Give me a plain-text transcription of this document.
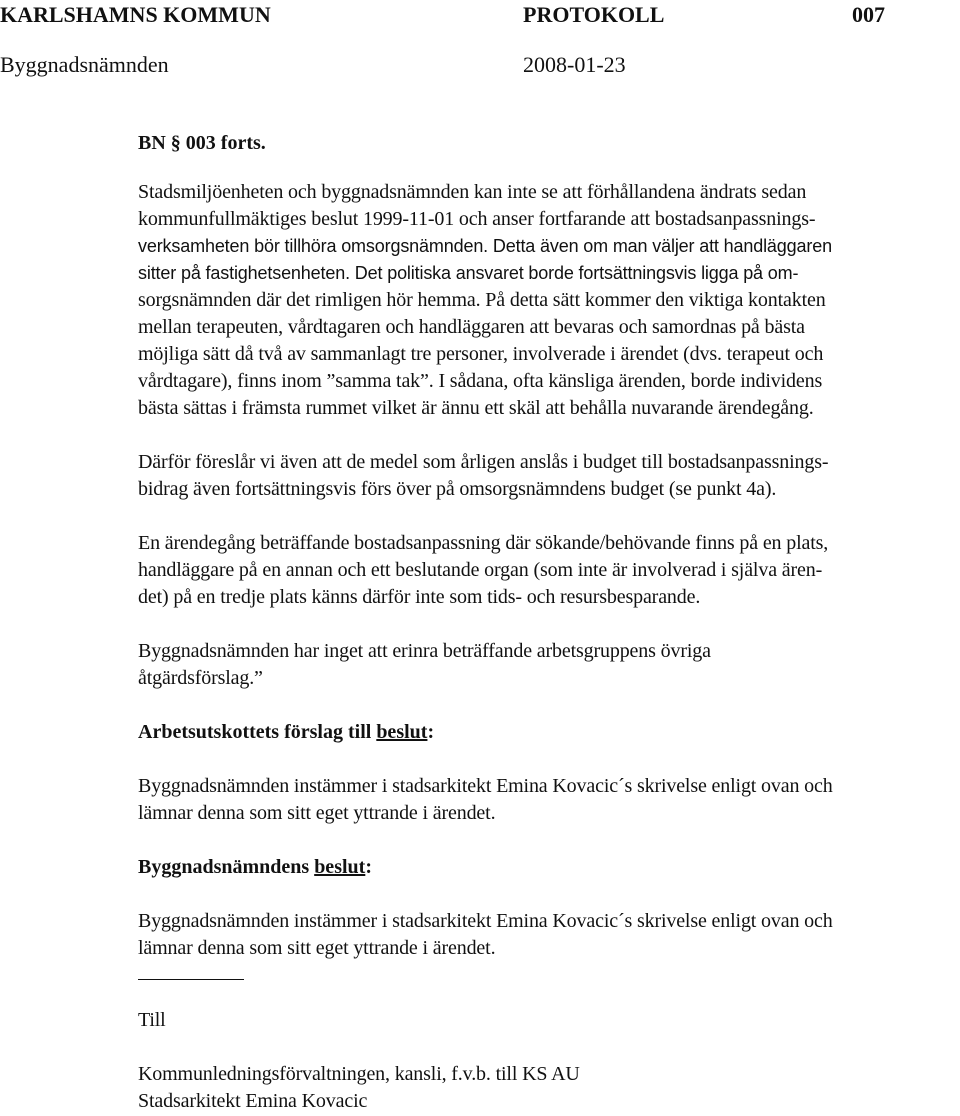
KARLSHAMNS KOMMUN	PROTOKOLL	007
Byggnadsnämnden	2008-01-23
BN § 003 forts.
Stadsmiljöenheten och byggnadsnämnden kan inte se att förhållandena ändrats sedan
kommunfullmäktiges beslut 1999-11-01 och anser fortfarande att bostadsanpassnings-
verksamheten bör tillhöra omsorgsnämnden. Detta även om man väljer att handläggaren
sitter på fastighetsenheten. Det politiska ansvaret borde fortsättningsvis ligga på om-
sorgsnämnden där det rimligen hör hemma. På detta sätt kommer den viktiga kontakten
mellan terapeuten, vårdtagaren och handläggaren att bevaras och samordnas på bästa
möjliga sätt då två av sammanlagt tre personer, involverade i ärendet (dvs. terapeut och
vårdtagare), finns inom ”samma tak”. I sådana, ofta känsliga ärenden, borde individens
bästa sättas i främsta rummet vilket är ännu ett skäl att behålla nuvarande ärendegång.
Därför föreslår vi även att de medel som årligen anslås i budget till bostadsanpassnings-
bidrag även fortsättningsvis förs över på omsorgsnämndens budget (se punkt 4a).
En ärendegång beträffande bostadsanpassning där sökande/behövande finns på en plats,
handläggare på en annan och ett beslutande organ (som inte är involverad i själva ären-
det) på en tredje plats känns därför inte som tids- och resursbesparande.
Byggnadsnämnden har inget att erinra beträffande arbetsgruppens övriga
åtgärdsförslag.”
Arbetsutskottets förslag till beslut:
Byggnadsnämnden instämmer i stadsarkitekt Emina Kovacic´s skrivelse enligt ovan och
lämnar denna som sitt eget yttrande i ärendet.
Byggnadsnämndens beslut:
Byggnadsnämnden instämmer i stadsarkitekt Emina Kovacic´s skrivelse enligt ovan och
lämnar denna som sitt eget yttrande i ärendet.
Till
Kommunledningsförvaltningen, kansli, f.v.b. till KS AU
Stadsarkitekt Emina Kovacic
